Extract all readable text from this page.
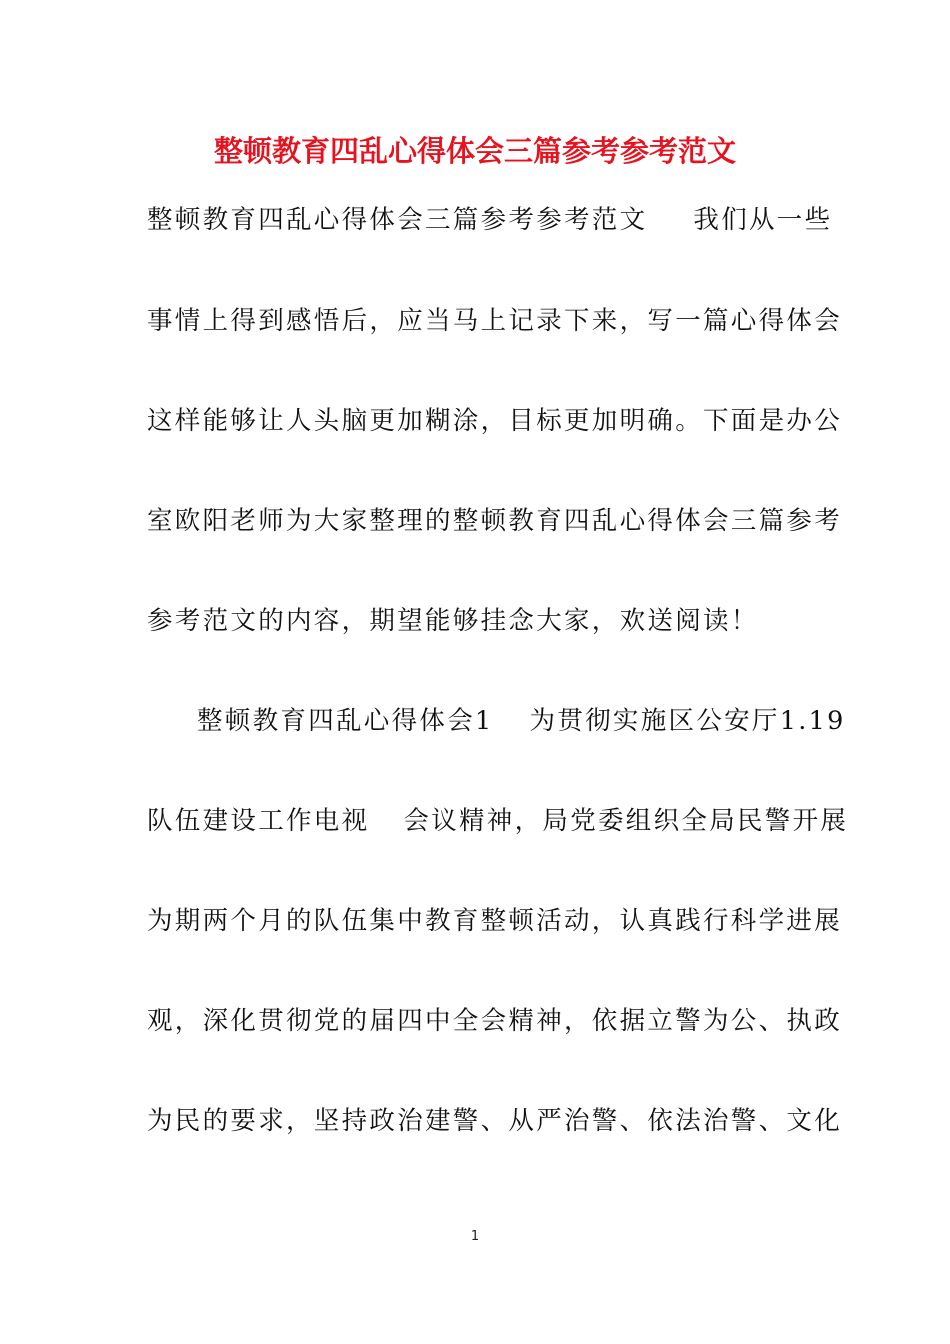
整顿教育四乱心得体会三篇参考参考范文
整顿教育四乱心得体会三篇参考参考范文 我们从一些
事情上得到感悟后，应当马上记录下来，写一篇心得体会
这样能够让人头脑更加糊涂，目标更加明确。下面是办公
室欧阳老师为大家整理的整顿教育四乱心得体会三篇参考
参考范文的内容，期望能够挂念大家，欢送阅读！
整顿教育四乱心得体会1 为贯彻实施区公安厅1.19
队伍建设工作电视 会议精神，局党委组织全局民警开展
为期两个月的队伍集中教育整顿活动，认真践行科学进展
观，深化贯彻党的届四中全会精神，依据立警为公、执政
为民的要求，坚持政治建警、从严治警、依法治警、文化
1
